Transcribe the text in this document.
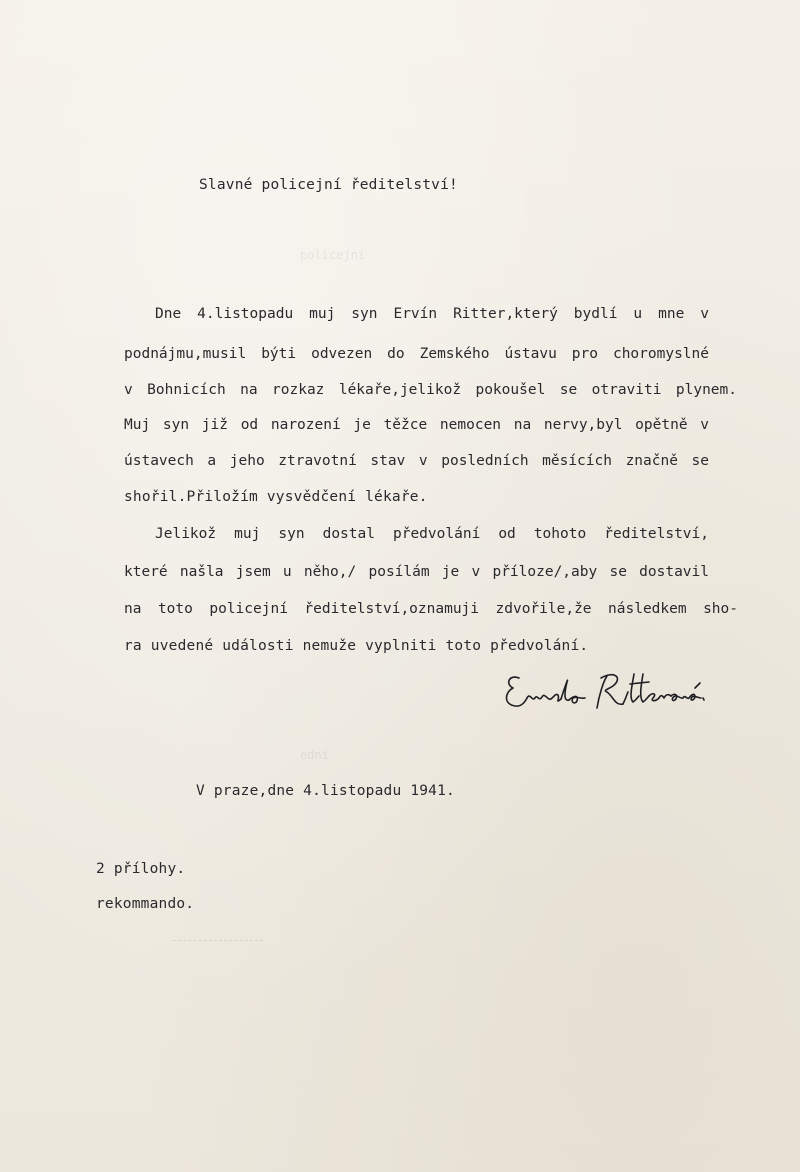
policejní
ední
Slavné policejní ředitelství!
Dne 4.listopadu muj syn Ervín Ritter,který bydlí u mne v
podnájmu,musil býti odvezen do Zemského ústavu pro choromyslné
v Bohnicích na rozkaz lékaře,jelikož pokoušel se otraviti plynem.
Muj syn již od narození je těžce nemocen na nervy,byl opětně v
ústavech a jeho ztravotní stav v posledních měsících značně se
shořil.Přiložím vysvědčení lékaře.
Jelikož muj syn dostal předvolání od tohoto ředitelství,
které našla jsem u něho,/ posílám je v příloze/,aby se dostavil
na toto policejní ředitelství,oznamuji zdvořile,že následkem sho-
ra uvedené události nemuže vyplniti toto předvolání.
V praze,dne 4.listopadu 1941.
2 přílohy.
rekommando.
